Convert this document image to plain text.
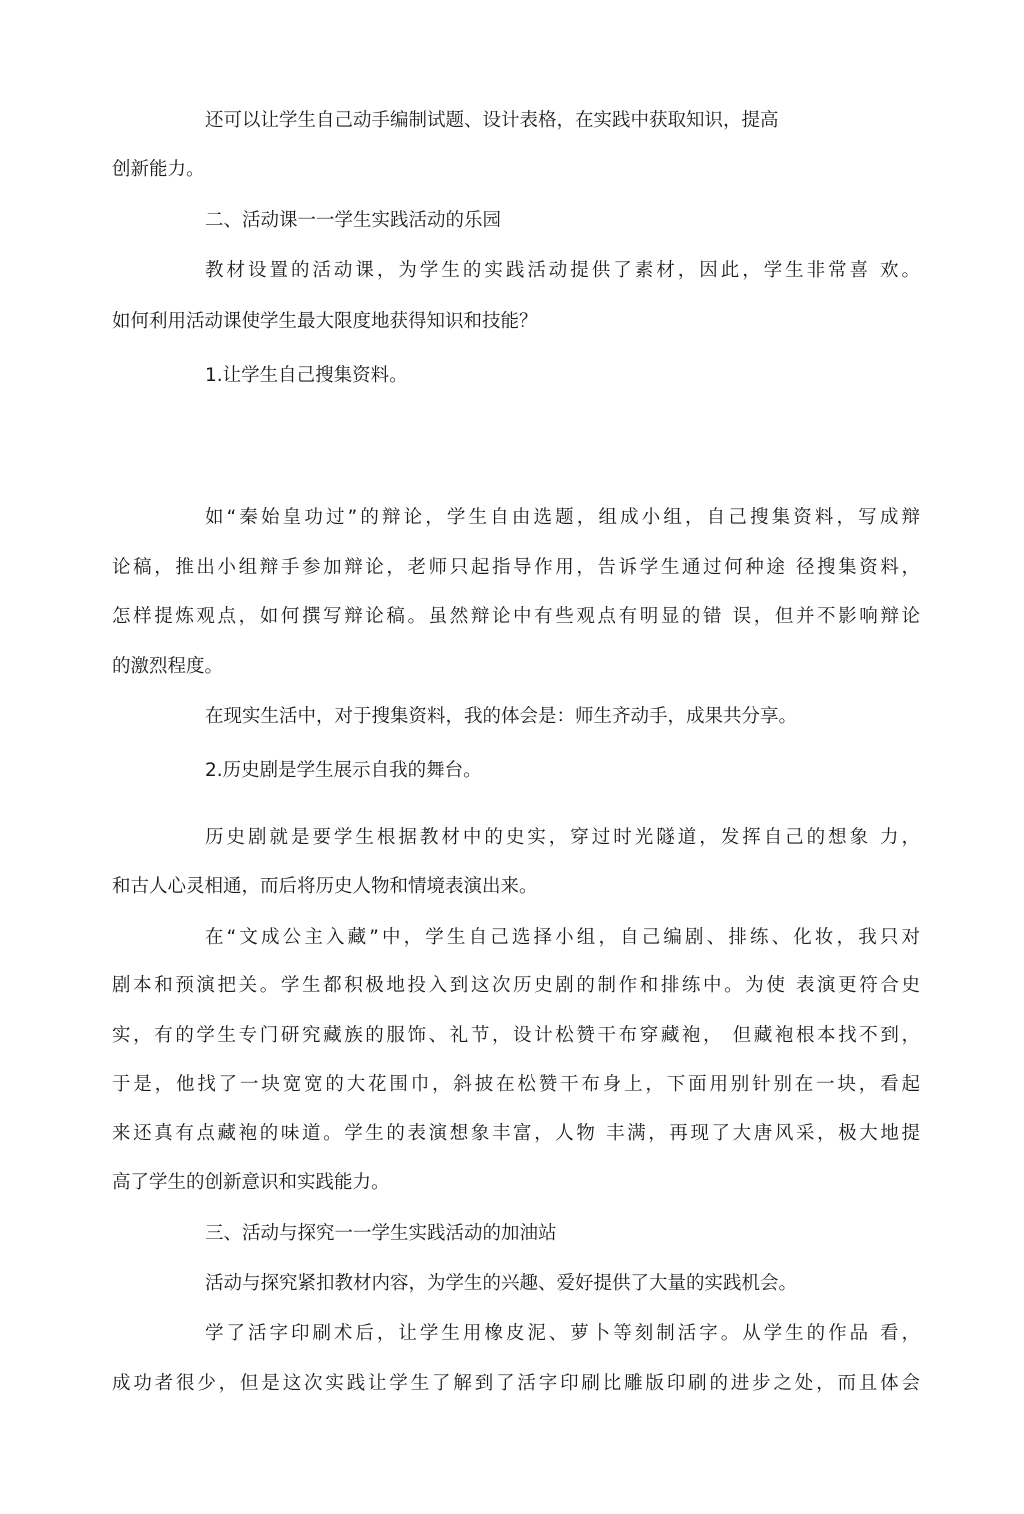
还可以让学生自己动手编制试题、设计表格，在实践中获取知识，提高
创新能力。
二、活动课一一学生实践活动的乐园
教材设置的活动课，为学生的实践活动提供了素材，因此，学生非常喜 欢。
如何利用活动课使学生最大限度地获得知识和技能？
1.让学生自己搜集资料。
如“秦始皇功过”的辩论，学生自由选题，组成小组，自己搜集资料，写成辩
论稿，推出小组辩手参加辩论，老师只起指导作用，告诉学生通过何种途 径搜集资料，
怎样提炼观点，如何撰写辩论稿。虽然辩论中有些观点有明显的错 误，但并不影响辩论
的激烈程度。
在现实生活中，对于搜集资料，我的体会是：师生齐动手，成果共分享。
2.历史剧是学生展示自我的舞台。
历史剧就是要学生根据教材中的史实，穿过时光隧道，发挥自己的想象 力，
和古人心灵相通，而后将历史人物和情境表演出来。
在“文成公主入藏”中，学生自己选择小组，自己编剧、排练、化妆，我只对
剧本和预演把关。学生都积极地投入到这次历史剧的制作和排练中。为使 表演更符合史
实，有的学生专门研究藏族的服饰、礼节，设计松赞干布穿藏袍， 但藏袍根本找不到，
于是，他找了一块宽宽的大花围巾，斜披在松赞干布身上，下面用别针别在一块，看起
来还真有点藏袍的味道。学生的表演想象丰富，人物 丰满，再现了大唐风采，极大地提
高了学生的创新意识和实践能力。
三、活动与探究一一学生实践活动的加油站
活动与探究紧扣教材内容，为学生的兴趣、爱好提供了大量的实践机会。
学了活字印刷术后，让学生用橡皮泥、萝卜等刻制活字。从学生的作品 看，
成功者很少，但是这次实践让学生了解到了活字印刷比雕版印刷的进步之处，而且体会
